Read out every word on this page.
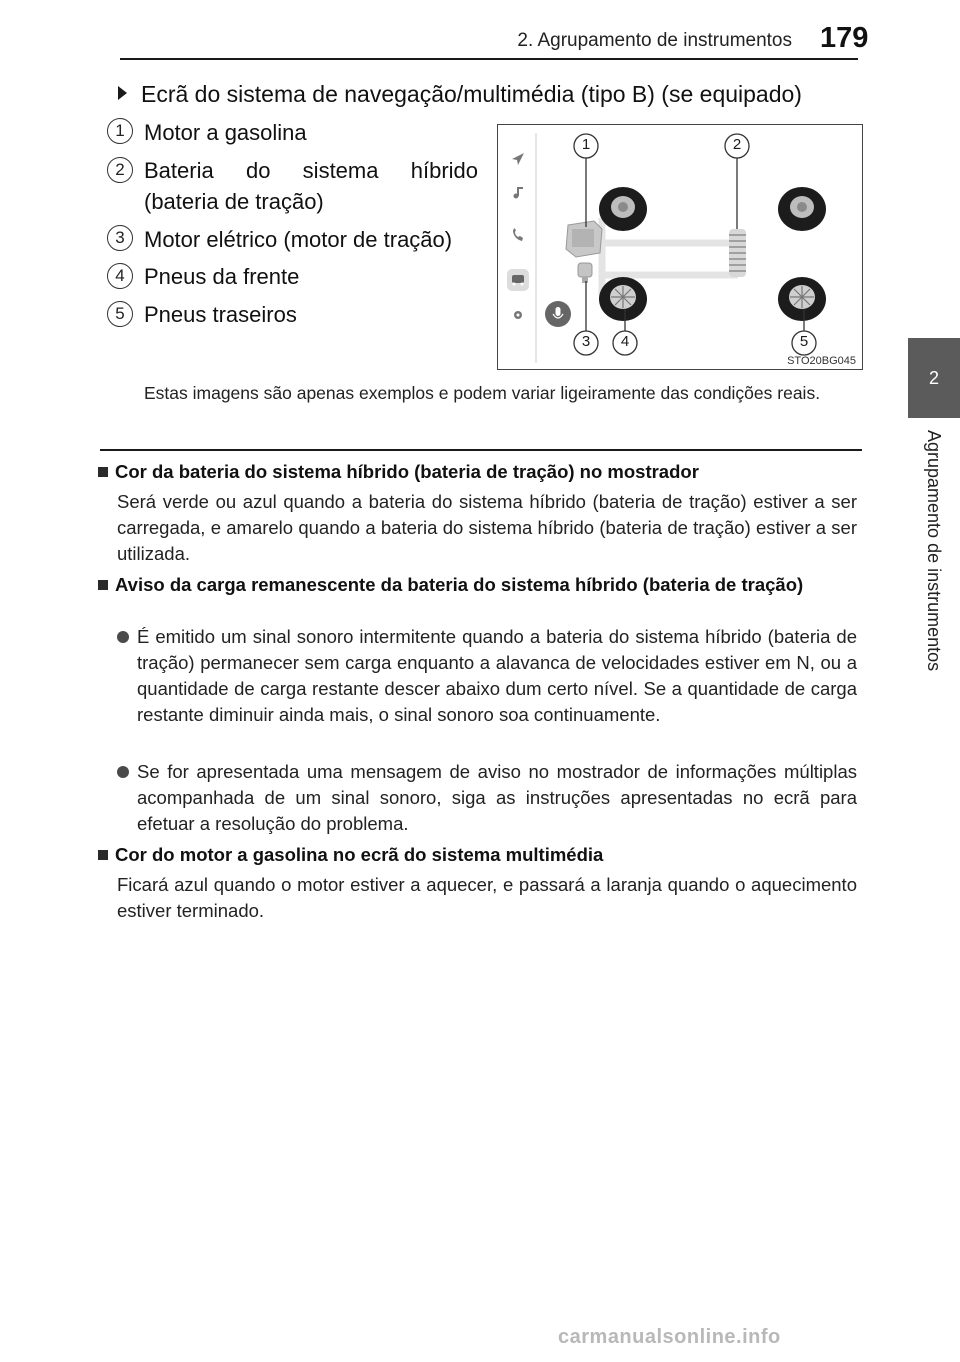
2. Agrupamento de instrumentos 179
2
Agrupamento de instrumentos
Ecrã do sistema de navegação/multimédia (tipo B) (se equipado)
1 Motor a gasolina
2 Bateria do sistema híbrido
(bateria de tração)
3 Motor elétrico (motor de tração)
4 Pneus da frente
5 Pneus traseiros
1	2
3 4	5
STO20BG045
Estas imagens são apenas exemplos e podem variar ligeiramente das condições reais.
Cor da bateria do sistema híbrido (bateria de tração) no mostrador
Será verde ou azul quando a bateria do sistema híbrido (bateria de tração) estiver a ser carregada, e amarelo quando a bateria do sistema híbrido (bateria de tração) estiver a ser utilizada.
Aviso da carga remanescente da bateria do sistema híbrido (bateria de tração)
É emitido um sinal sonoro intermitente quando a bateria do sistema híbrido (bateria de tração) permanecer sem carga enquanto a alavanca de velocidades estiver em N, ou a quantidade de carga restante descer abaixo dum certo nível. Se a quantidade de carga restante diminuir ainda mais, o sinal sonoro soa continuamente.
Se for apresentada uma mensagem de aviso no mostrador de informações múltiplas acompanhada de um sinal sonoro, siga as instruções apresentadas no ecrã para efetuar a resolução do problema.
Cor do motor a gasolina no ecrã do sistema multimédia
Ficará azul quando o motor estiver a aquecer, e passará a laranja quando o aquecimento estiver terminado.
carmanualsonline.info
